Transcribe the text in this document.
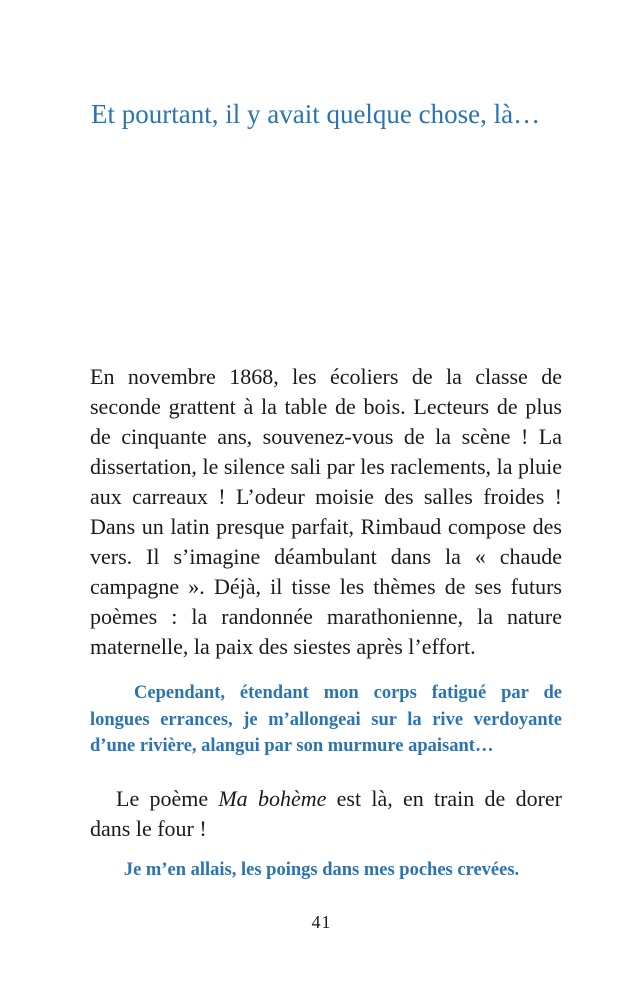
Et pourtant, il y avait quelque chose, là…

En novembre 1868, les écoliers de la classe de seconde grattent à la table de bois. Lecteurs de plus de cinquante ans, souvenez-vous de la scène ! La dissertation, le silence sali par les raclements, la pluie aux carreaux ! L’odeur moisie des salles froides ! Dans un latin presque parfait, Rimbaud compose des vers. Il s’imagine déambulant dans la « chaude campagne ». Déjà, il tisse les thèmes de ses futurs poèmes : la randonnée marathonienne, la nature maternelle, la paix des siestes après l’effort.

Cependant, étendant mon corps fatigué par de longues errances, je m’allongeai sur la rive verdoyante d’une rivière, alangui par son murmure apaisant…

Le poème Ma bohème est là, en train de dorer dans le four !

Je m’en allais, les poings dans mes poches crevées.

41
